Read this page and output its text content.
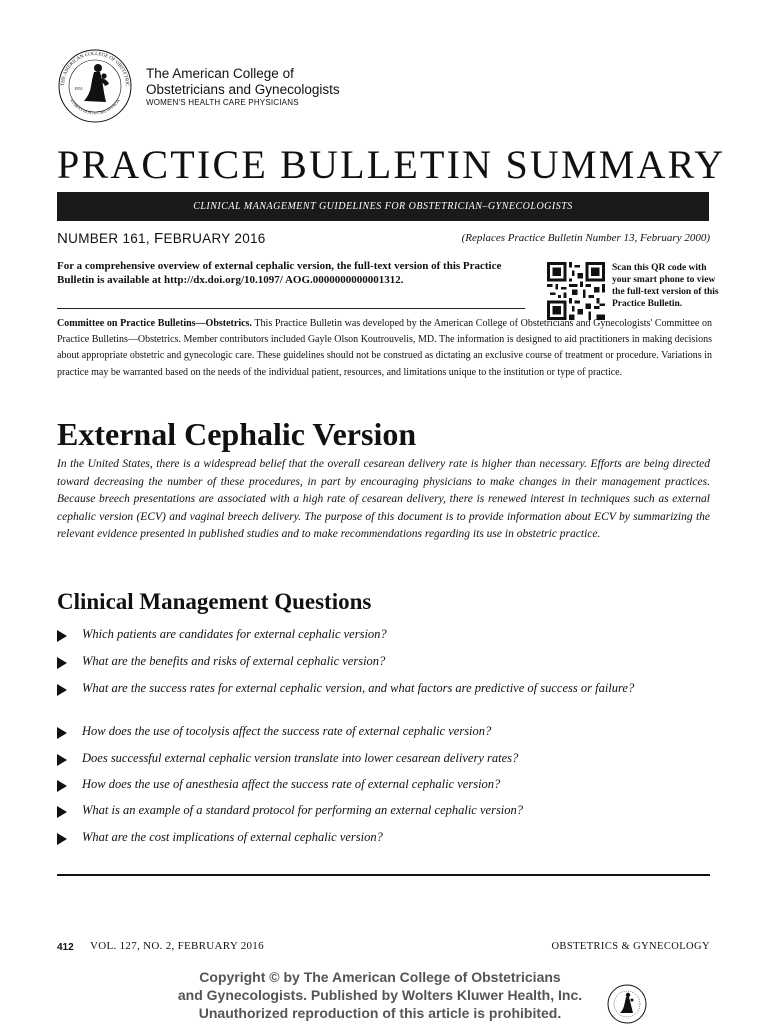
THE AMERICAN COLLEGE OF OBSTETRIC
WOMEN'S HEALTH CARE PHYSICIA
1951
The American College of
Obstetricians and Gynecologists
WOMEN'S HEALTH CARE PHYSICIANS
PRACTICE BULLETIN SUMMARY
CLINICAL MANAGEMENT GUIDELINES FOR OBSTETRICIAN–GYNECOLOGISTS
NUMBER 161, FEBRUARY 2016	(Replaces Practice Bulletin Number 13, February 2000)
For a comprehensive overview of external cephalic version, the full-text version of this Practice Bulletin is available at http://dx.doi.org/10.1097/ AOG.0000000000001312.
Scan this QR code with your smart phone to view the full-text version of this Practice Bulletin.
Committee on Practice Bulletins—Obstetrics. This Practice Bulletin was developed by the American College of Obstetricians and Gynecologists' Committee on Practice Bulletins—Obstetrics. Member contributors included Gayle Olson Koutrouvelis, MD. The information is designed to aid practitioners in making decisions about appropriate obstetric and gynecologic care. These guidelines should not be construed as dictating an exclusive course of treatment or procedure. Variations in practice may be warranted based on the needs of the individual patient, resources, and limitations unique to the institution or type of practice.
External Cephalic Version
In the United States, there is a widespread belief that the overall cesarean delivery rate is higher than necessary. Efforts are being directed toward decreasing the number of these procedures, in part by encouraging physicians to make changes in their management practices. Because breech presentations are associated with a high rate of cesarean delivery, there is renewed interest in techniques such as external cephalic version (ECV) and vaginal breech delivery. The purpose of this document is to provide information about ECV by summarizing the relevant evidence presented in published studies and to make recommendations regarding its use in obstetric practice.
Clinical Management Questions
Which patients are candidates for external cephalic version?
What are the benefits and risks of external cephalic version?
What are the success rates for external cephalic version, and what factors are predictive of success or failure?
How does the use of tocolysis affect the success rate of external cephalic version?
Does successful external cephalic version translate into lower cesarean delivery rates?
How does the use of anesthesia affect the success rate of external cephalic version?
What is an example of a standard protocol for performing an external cephalic version?
What are the cost implications of external cephalic version?
412 VOL. 127, NO. 2, FEBRUARY 2016	OBSTETRICS & GYNECOLOGY
Copyright © by The American College of Obstetricians
and Gynecologists. Published by Wolters Kluwer Health, Inc.
Unauthorized reproduction of this article is prohibited.
